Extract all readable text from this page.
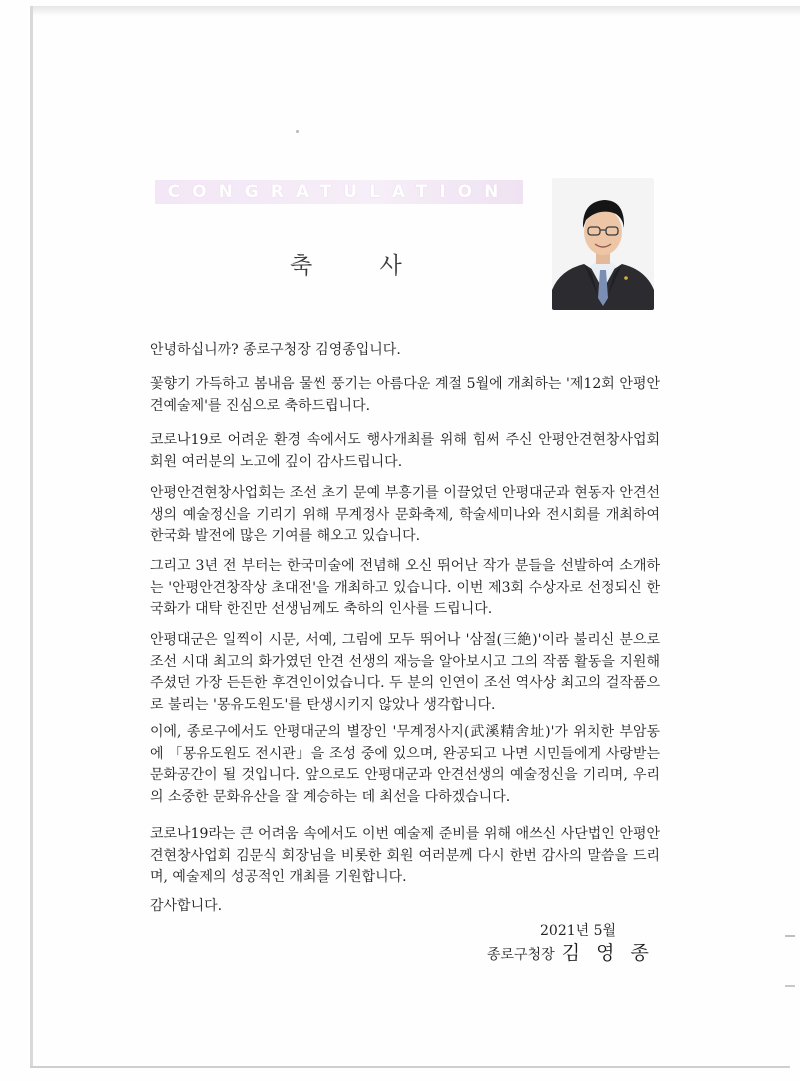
CONGRATULATION
축 사

안녕하십니까? 종로구청장 김영종입니다.

꽃향기 가득하고 봄내음 물씬 풍기는 아름다운 계절 5월에 개최하는 '제12회 안평안견예술제'를 진심으로 축하드립니다.

코로나19로 어려운 환경 속에서도 행사개최를 위해 힘써 주신 안평안견현창사업회 회원 여러분의 노고에 깊이 감사드립니다.

안평안견현창사업회는 조선 초기 문예 부흥기를 이끌었던 안평대군과 현동자 안견선생의 예술정신을 기리기 위해 무계정사 문화축제, 학술세미나와 전시회를 개최하여 한국화 발전에 많은 기여를 해오고 있습니다.

그리고 3년 전 부터는 한국미술에 전념해 오신 뛰어난 작가 분들을 선발하여 소개하는 '안평안견창작상 초대전'을 개최하고 있습니다. 이번 제3회 수상자로 선정되신 한국화가 대탁 한진만 선생님께도 축하의 인사를 드립니다.

안평대군은 일찍이 시문, 서예, 그림에 모두 뛰어나 '삼절(三絶)'이라 불리신 분으로 조선 시대 최고의 화가였던 안견 선생의 재능을 알아보시고 그의 작품 활동을 지원해 주셨던 가장 든든한 후견인이었습니다. 두 분의 인연이 조선 역사상 최고의 걸작품으로 불리는 '몽유도원도'를 탄생시키지 않았나 생각합니다.

이에, 종로구에서도 안평대군의 별장인 '무계정사지(武溪精舍址)'가 위치한 부암동에 「몽유도원도 전시관」을 조성 중에 있으며, 완공되고 나면 시민들에게 사랑받는 문화공간이 될 것입니다. 앞으로도 안평대군과 안견선생의 예술정신을 기리며, 우리의 소중한 문화유산을 잘 계승하는 데 최선을 다하겠습니다.

코로나19라는 큰 어려움 속에서도 이번 예술제 준비를 위해 애쓰신 사단법인 안평안견현창사업회 김문식 회장님을 비롯한 회원 여러분께 다시 한번 감사의 말씀을 드리며, 예술제의 성공적인 개최를 기원합니다.

감사합니다.

2021년 5월
종로구청장 김 영 종
